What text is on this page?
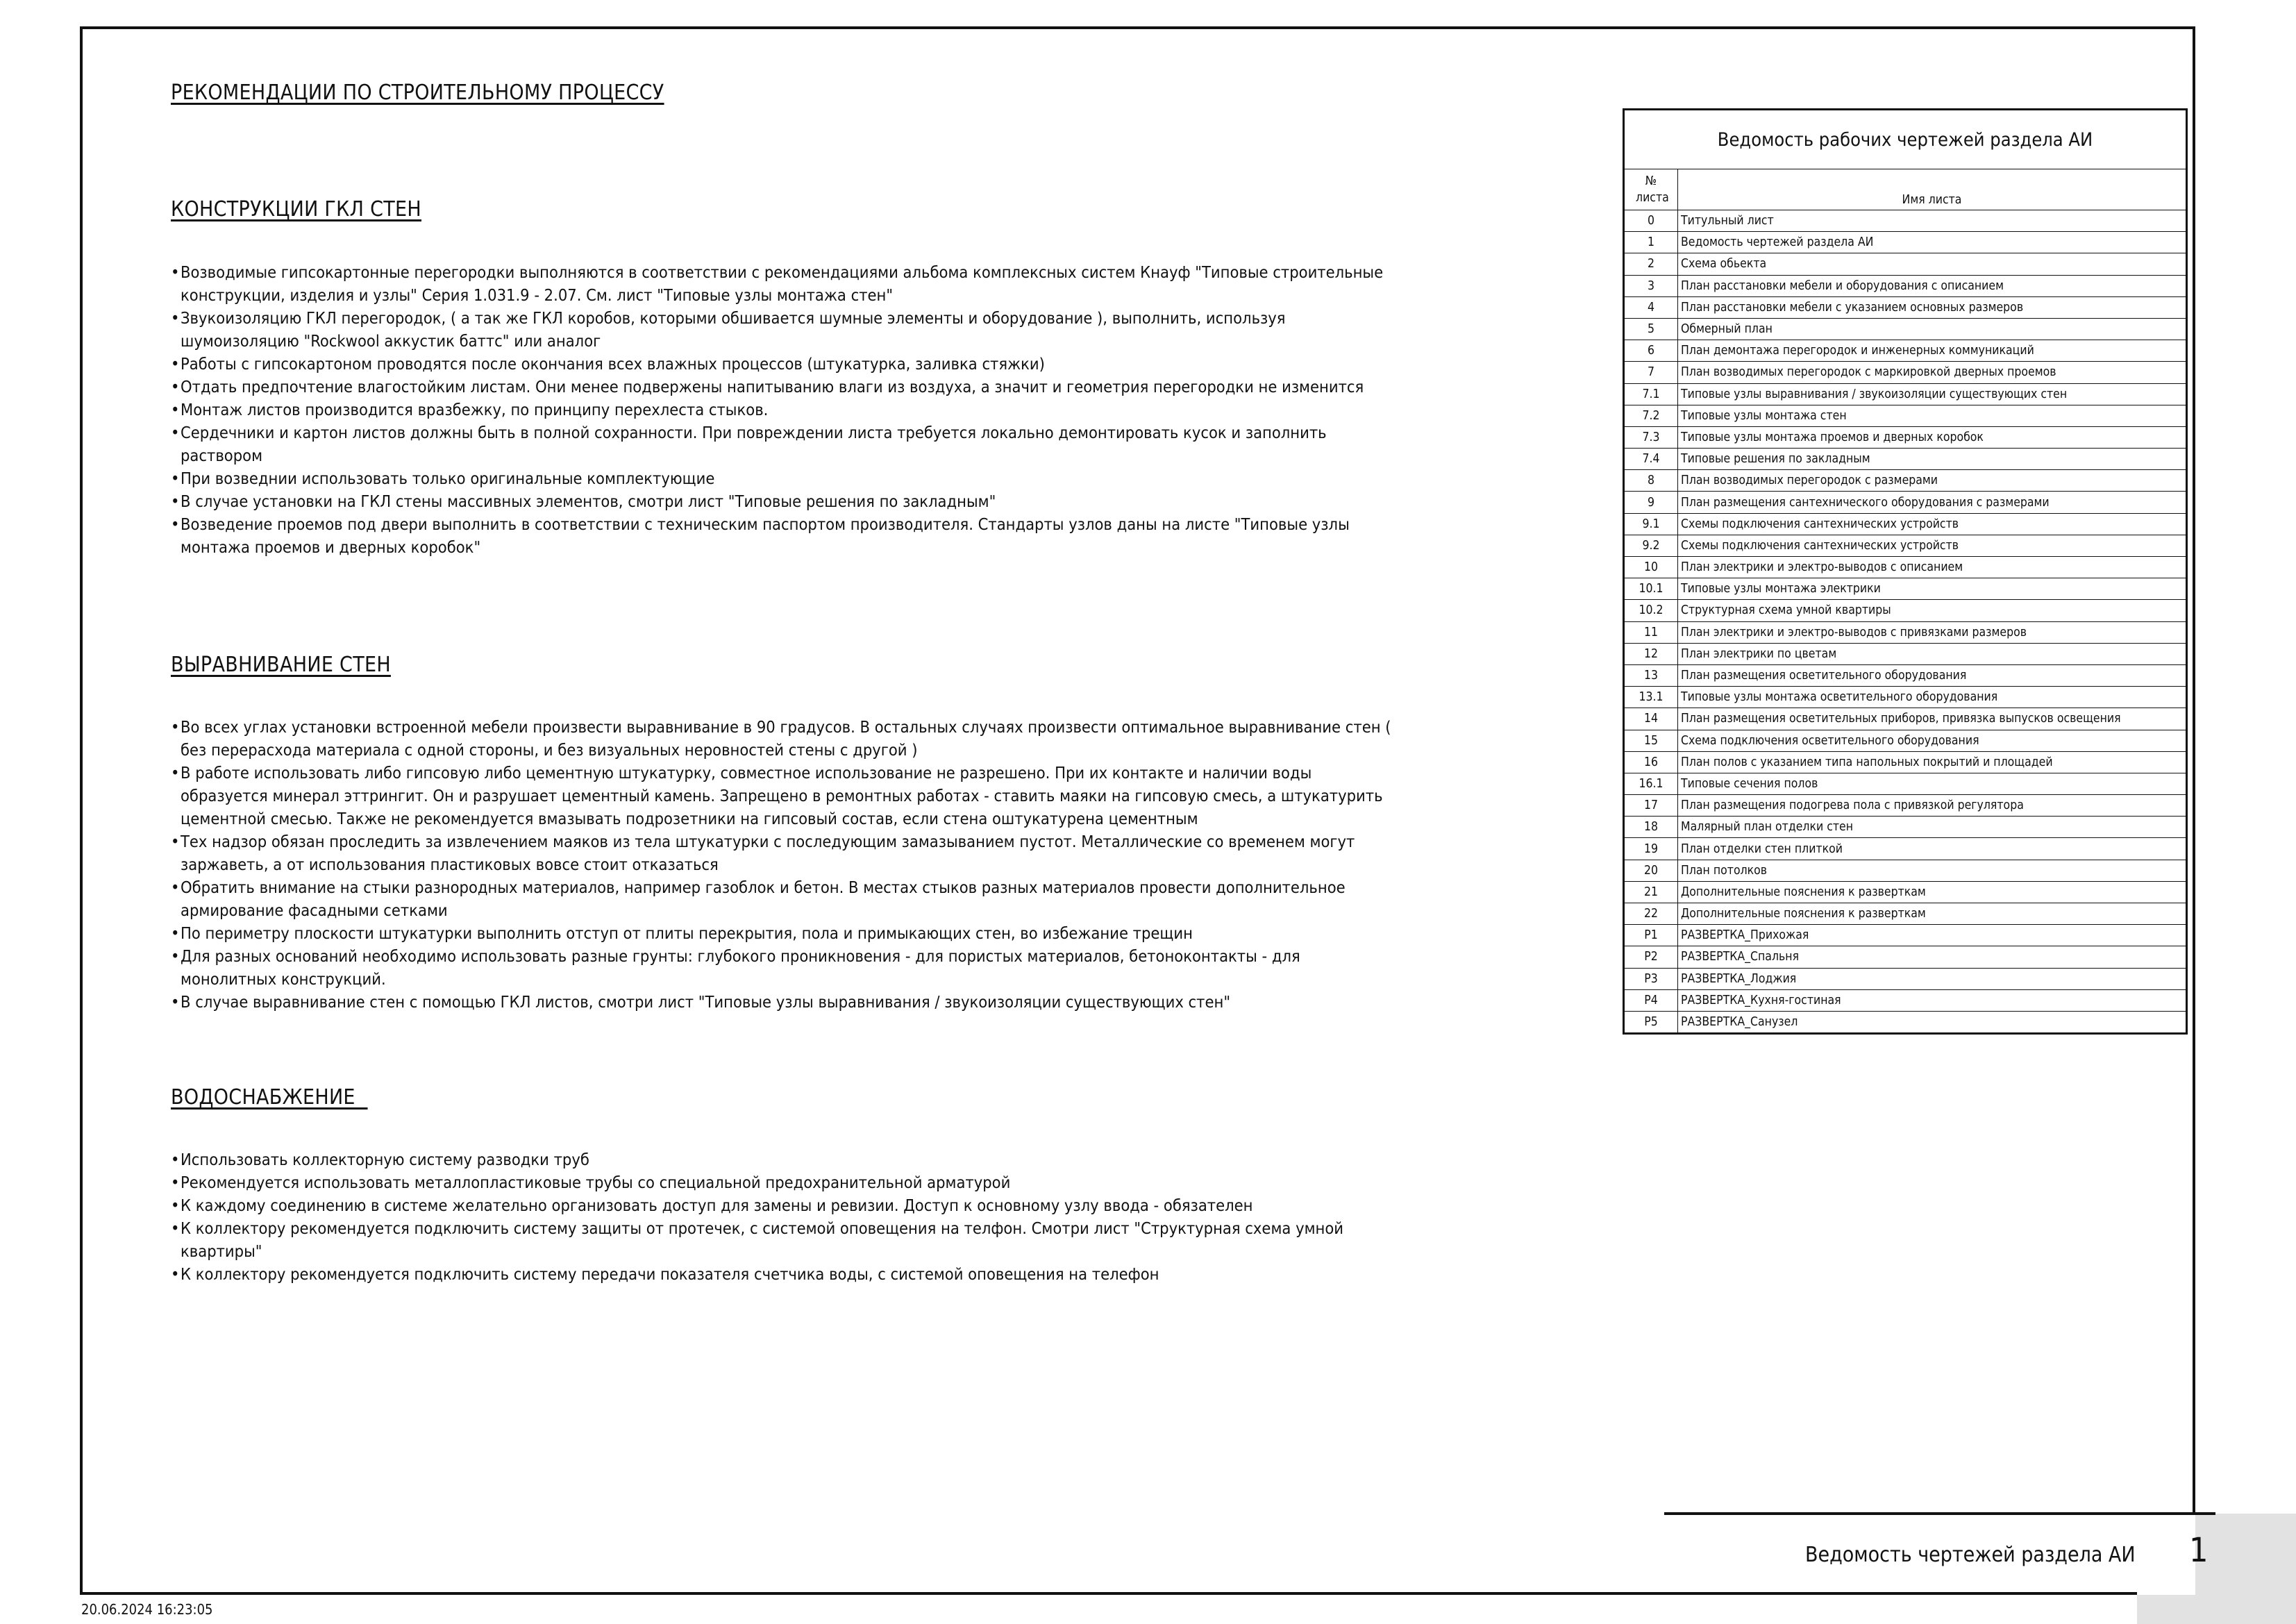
РЕКОМЕНДАЦИИ ПО СТРОИТЕЛЬНОМУ ПРОЦЕССУ
КОНСТРУКЦИИ ГКЛ СТЕН
• Возводимые гипсокартонные перегородки выполняются в соответствии с рекомендациями альбома комплексных систем Кнауф "Типовые строительные конструкции, изделия и узлы" Серия 1.031.9 - 2.07. См. лист "Типовые узлы монтажа стен"
• Звукоизоляцию ГКЛ перегородок, ( а так же ГКЛ коробов, которыми обшивается шумные элементы и оборудование ), выполнить, используя шумоизоляцию "Rockwool аккустик баттс" или аналог
• Работы с гипсокартоном проводятся после окончания всех влажных процессов (штукатурка, заливка стяжки)
• Отдать предпочтение влагостойким листам. Они менее подвержены напитыванию влаги из воздуха, а значит и геометрия перегородки не изменится
• Монтаж листов производится вразбежку, по принципу перехлеста стыков.
• Сердечники и картон листов должны быть в полной сохранности. При повреждении листа требуется локально демонтировать кусок и заполнить раствором
• При возведнии использовать только оригинальные комплектующие
• В случае установки на ГКЛ стены массивных элементов, смотри лист "Типовые решения по закладным"
• Возведение проемов под двери выполнить в соответствии с техническим паспортом производителя. Стандарты узлов даны на листе "Типовые узлы монтажа проемов и дверных коробок"
ВЫРАВНИВАНИЕ СТЕН
• Во всех углах установки встроенной мебели произвести выравнивание в 90 градусов. В остальных случаях произвести оптимальное выравнивание стен ( без перерасхода материала с одной стороны, и без визуальных неровностей стены с другой )
• В работе использовать либо гипсовую либо цементную штукатурку, совместное использование не разрешено. При их контакте и наличии воды образуется минерал эттрингит. Он и разрушает цементный камень. Запрещено в ремонтных работах - ставить маяки на гипсовую смесь, а штукатурить цементной смесью. Также не рекомендуется вмазывать подрозетники на гипсовый состав, если стена оштукатурена цементным
• Тех надзор обязан проследить за извлечением маяков из тела штукатурки с последующим замазыванием пустот. Металлические со временем могут заржаветь, а от использования пластиковых вовсе стоит отказаться
• Обратить внимание на стыки разнородных материалов, например газоблок и бетон. В местах стыков разных материалов провести дополнительное армирование фасадными сетками
• По периметру плоскости штукатурки выполнить отступ от плиты перекрытия, пола и примыкающих стен, во избежание трещин
• Для разных оснований необходимо использовать разные грунты: глубокого проникновения - для пористых материалов, бетоноконтакты - для монолитных конструкций.
• В случае выравнивание стен с помощью ГКЛ листов, смотри лист "Типовые узлы выравнивания / звукоизоляции существующих стен"
ВОДОСНАБЖЕНИЕ
• Использовать коллекторную систему разводки труб
• Рекомендуется использовать металлопластиковые трубы со специальной предохранительной арматурой
• К каждому соединению в системе желательно организовать доступ для замены и ревизии. Доступ к основному узлу ввода - обязателен
• К коллектору рекомендуется подключить систему защиты от протечек, с системой оповещения на телфон. Смотри лист "Структурная схема умной квартиры"
• К коллектору рекомендуется подключить систему передачи показателя счетчика воды, с системой оповещения на телефон
Ведомость рабочих чертежей раздела АИ
№ листа	Имя листа
0	Титульный лист
1	Ведомость чертежей раздела АИ
2	Схема обьекта
3	План расстановки мебели и оборудования с описанием
4	План расстановки мебели с указанием основных размеров
5	Обмерный план
6	План демонтажа перегородок и инженерных коммуникаций
7	План возводимых перегородок с маркировкой дверных проемов
7.1	Типовые узлы выравнивания / звукоизоляции существующих стен
7.2	Типовые узлы монтажа стен
7.3	Типовые узлы монтажа проемов и дверных коробок
7.4	Типовые решения по закладным
8	План возводимых перегородок с размерами
9	План размещения сантехнического оборудования с размерами
9.1	Схемы подключения сантехнических устройств
9.2	Схемы подключения сантехнических устройств
10	План электрики и электро-выводов с описанием
10.1	Типовые узлы монтажа электрики
10.2	Структурная схема умной квартиры
11	План электрики и электро-выводов с привязками размеров
12	План электрики по цветам
13	План размещения осветительного оборудования
13.1	Типовые узлы монтажа осветительного оборудования
14	План размещения осветительных приборов, привязка выпусков освещения
15	Схема подключения осветительного оборудования
16	План полов с указанием типа напольных покрытий и площадей
16.1	Типовые сечения полов
17	План размещения подогрева пола с привязкой регулятора
18	Малярный план отделки стен
19	План отделки стен плиткой
20	План потолков
21	Дополнительные пояснения к разверткам
22	Дополнительные пояснения к разверткам
Р1	РАЗВЕРТКА_Прихожая
Р2	РАЗВЕРТКА_Спальня
Р3	РАЗВЕРТКА_Лоджия
Р4	РАЗВЕРТКА_Кухня-гостиная
Р5	РАЗВЕРТКА_Санузел
Ведомость чертежей раздела АИ 1
20.06.2024 16:23:05
